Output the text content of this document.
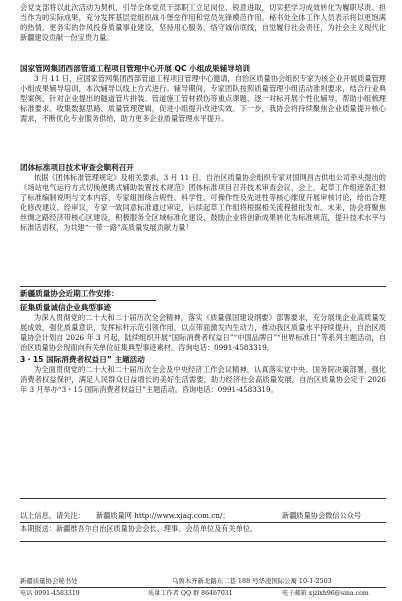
会党支部将以此次活动为契机，引导全体党员干部职工立足岗位、锐意进取，切实把学习成效转化为履职尽责、担当作为的实际成果，充分发挥基层党组织战斗堡垒作用和党员先锋模范作用。秘书处全体工作人员表示将以更饱满的热情、更务实的作风投身质量事业建设，坚持用心服务、恪守诚信底线，自觉履行社会责任，为社会主义现代化新疆建设贡献一份宝贵力量。

国家管网集团西部管道工程项目管理中心开展 QC 小组成果辅导培训

3 月 11 日，应国家管网集团西部管道工程项目管理中心邀请，自治区质量协会组织专家为该企业开展质量管理小组成果辅导培训，本次辅导以线上方式进行。辅导期间，专家团队按照质量管理小组活动准则要求，结合行业典型案例，针对企业提出的隧道管片拼装、管道施工管材损伤等重点课题，逐一对标开展个性化辅导，帮助小组梳理标准要求、收集数据思路、质量管理逻辑，促进小组提升改进实效。下一步，我协会将持续聚焦企业质量提升核心需求，不断优化专业服务供给，助力更多企业质量管理水平提升。

团体标准项目技术审查会顺利召开

依据《团体标准管理规定》及相关要求，3 月 11 日，自治区质量协会组织专家对国网昌吉供电公司牵头提出的《场站电气运行方式切换便携式辅助装置技术规范》团体标准项目召开技术审查会议，会上，起草工作组逐条汇报了标准编制说明与文本内容，专家组围绕合规性、科学性、可操作性及先进性等核心维度开展审核讨论，给出合理化修改建议，经审议，专家一致同意标准通过审定，后续起草工作组将根据相关流程报批发布。未来，协会将聚焦丝绸之路经济带核心区建设，积极服务全区域标准化建设，鼓励企业将创新成果转化为标准规范，提升技术水平与标准话语权，为共建“一带一路”高质量发展贡献力量！

新疆质量协会近期工作安排：
征集质量诚信企业典型事迹

为深入贯彻党的二十大和二十届历次全会精神，落实《质量强国建设纲要》部署要求，充分展现企业高质量发展成效，强化质量意识，发挥标杆示范引领作用，以点带面激发内生动力，推动我区质量水平持续提升，自治区质量协会计划自 2026 年 3 月起，陆续组织开展“国际消费者权益日”“中国品牌日”“世界标准日”等系列主题活动，自治区质量协会现面向有关单位征集典型事迹素材。咨询电话：0991-4583319。

3・15 国际消费者权益日” 主题活动

为全面贯彻党的二十大和二十届历次全会及中央经济工作会议精神，认真落实党中央、国务院决策部署，强化消费者权益保护，满足人民群众日益增长的美好生活需要，助力经济社会高质量发展，自治区质量协会定于 2026 年 3 月举办“3・15 国际消费者权益日”主题活动。咨询电话：0991-4583319。

以上信息，请关注： 新疆质量网 http://www.xjaq.com.cn/；	新疆质量协会微信公众号
本期报送：新疆维吾尔自治区质量协会会长、理事、会员单位及有关单位。
新疆质量协会秘书处	乌鲁木齐新北路东二巷 188 号华凌国际公寓 10-1-2503
电话 0991-4583319	质量工作者 QQ 群 86467031	电子邮箱 xjzlxh96@sina.com
